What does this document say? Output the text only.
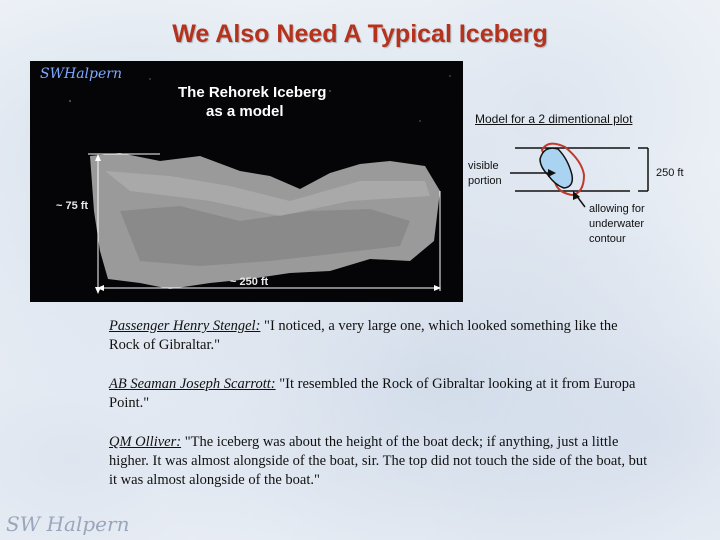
We Also Need A Typical Iceberg
SWHalpern
The Rehorek Iceberg
as a model
~ 75 ft
~ 250 ft
Model for a 2 dimentional plot
visible
portion
250 ft
allowing for
underwater
contour

Passenger Henry Stengel: "I noticed, a very large one, which looked something like the Rock of Gibraltar."

AB Seaman Joseph Scarrott: "It resembled the Rock of Gibraltar looking at it from Europa Point."

QM Olliver: "The iceberg was about the height of the boat deck; if anything, just a little higher. It was almost alongside of the boat, sir. The top did not touch the side of the boat, but it was almost alongside of the boat."

SW Halpern
